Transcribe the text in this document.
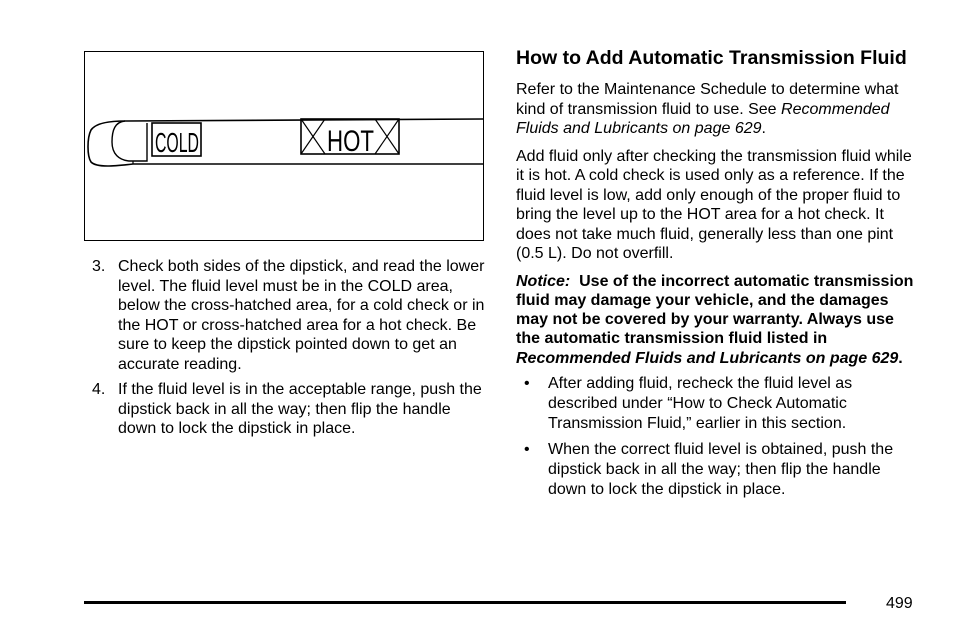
COLD	HOT
3. Check both sides of the dipstick, and read the lower level. The fluid level must be in the COLD area, below the cross-hatched area, for a cold check or in the HOT or cross-hatched area for a hot check. Be sure to keep the dipstick pointed down to get an accurate reading.
4. If the fluid level is in the acceptable range, push the dipstick back in all the way; then flip the handle down to lock the dipstick in place.
How to Add Automatic Transmission Fluid

Refer to the Maintenance Schedule to determine what kind of transmission fluid to use. See Recommended Fluids and Lubricants on page 629.

Add fluid only after checking the transmission fluid while it is hot. A cold check is used only as a reference. If the fluid level is low, add only enough of the proper fluid to bring the level up to the HOT area for a hot check. It does not take much fluid, generally less than one pint (0.5 L). Do not overfill.

Notice: Use of the incorrect automatic transmission fluid may damage your vehicle, and the damages may not be covered by your warranty. Always use the automatic transmission fluid listed in Recommended Fluids and Lubricants on page 629.

•	After adding fluid, recheck the fluid level as described under “How to Check Automatic Transmission Fluid,” earlier in this section.
•	When the correct fluid level is obtained, push the dipstick back in all the way; then flip the handle down to lock the dipstick in place.
499
